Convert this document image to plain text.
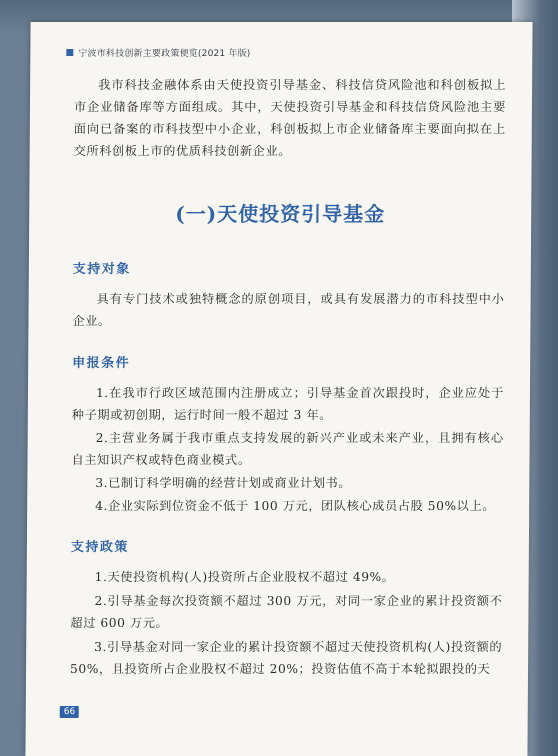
宁波市科技创新主要政策便览(2021 年版)

我市科技金融体系由天使投资引导基金、科技信贷风险池和科创板拟上市企业储备库等方面组成。其中，天使投资引导基金和科技信贷风险池主要面向已备案的市科技型中小企业，科创板拟上市企业储备库主要面向拟在上交所科创板上市的优质科技创新企业。

(一)天使投资引导基金
支持对象

具有专门技术或独特概念的原创项目，或具有发展潜力的市科技型中小企业。

申报条件

1.在我市行政区域范围内注册成立；引导基金首次跟投时，企业应处于种子期或初创期，运行时间一般不超过 3 年。

2.主营业务属于我市重点支持发展的新兴产业或未来产业，且拥有核心自主知识产权或特色商业模式。

3.已制订科学明确的经营计划或商业计划书。

4.企业实际到位资金不低于 100 万元，团队核心成员占股 50%以上。

支持政策

1.天使投资机构(人)投资所占企业股权不超过 49%。

2.引导基金每次投资额不超过 300 万元，对同一家企业的累计投资额不超过 600 万元。

3.引导基金对同一家企业的累计投资额不超过天使投资机构(人)投资额的 50%，且投资所占企业股权不超过 20%；投资估值不高于本轮拟跟投的天

66
